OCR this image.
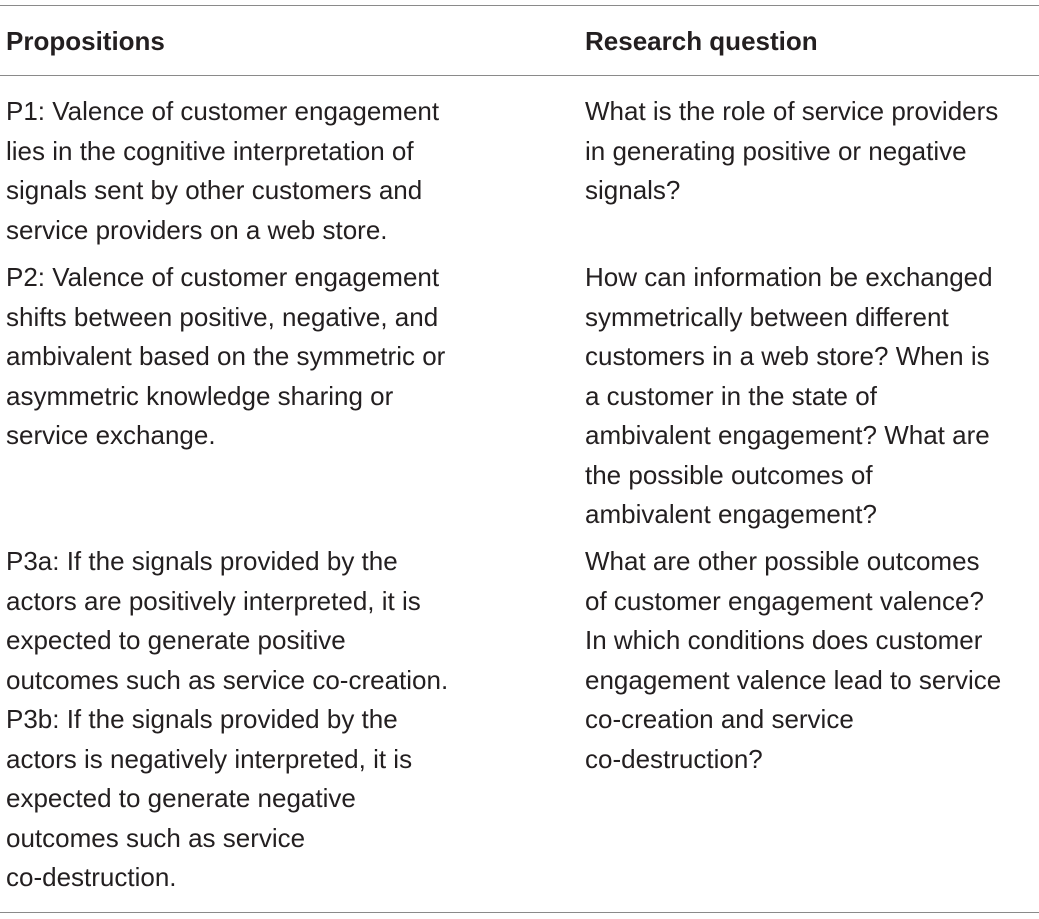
Propositions	Research question
P1: Valence of customer engagement
lies in the cognitive interpretation of
signals sent by other customers and
service providers on a web store.
What is the role of service providers
in generating positive or negative
signals?
P2: Valence of customer engagement
shifts between positive, negative, and
ambivalent based on the symmetric or
asymmetric knowledge sharing or
service exchange.
How can information be exchanged
symmetrically between different
customers in a web store? When is
a customer in the state of
ambivalent engagement? What are
the possible outcomes of
ambivalent engagement?
P3a: If the signals provided by the
actors are positively interpreted, it is
expected to generate positive
outcomes such as service co-creation.
P3b: If the signals provided by the
actors is negatively interpreted, it is
expected to generate negative
outcomes such as service
co-destruction.
What are other possible outcomes
of customer engagement valence?
In which conditions does customer
engagement valence lead to service
co-creation and service
co-destruction?
